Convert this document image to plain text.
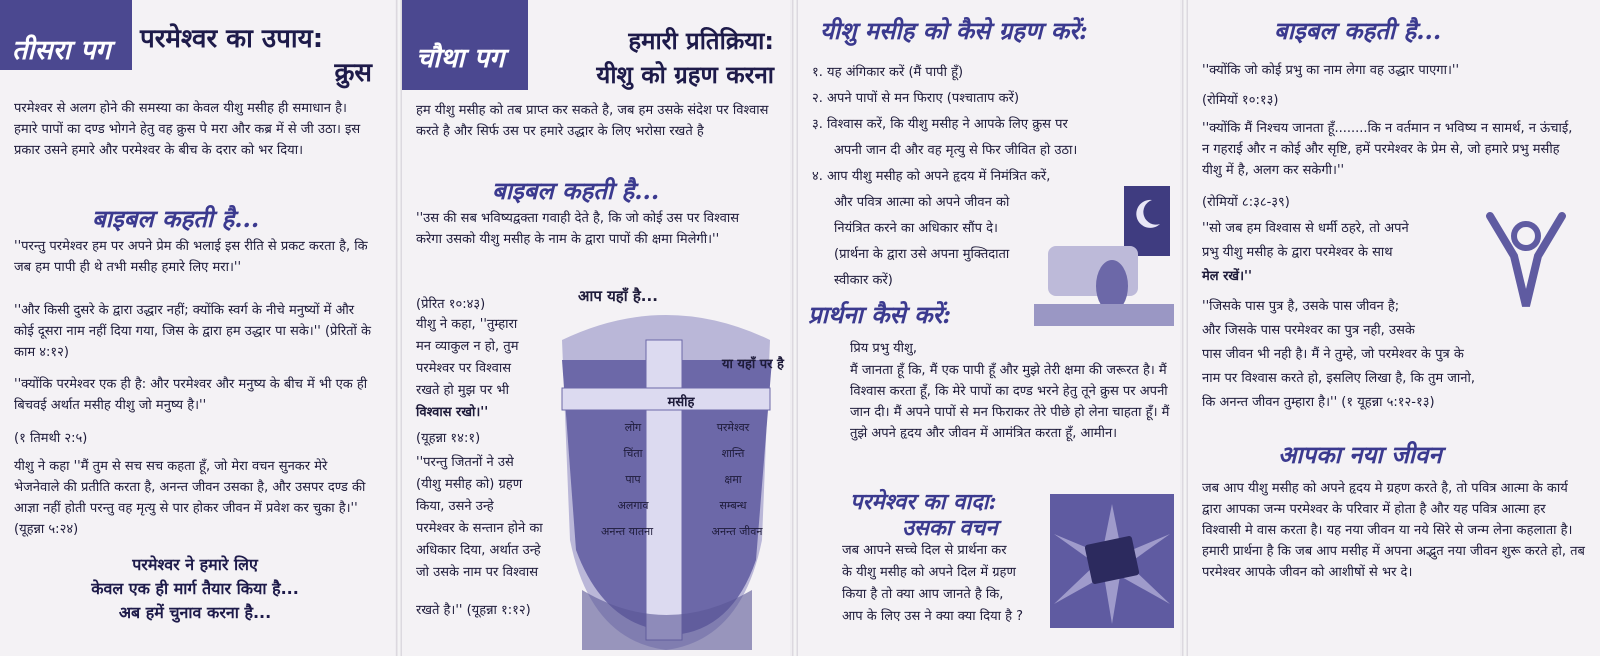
तीसरा पग परमेश्वर का उपाय:
क्रुस
परमेश्वर से अलग होने की समस्या का केवल यीशु मसीह ही समाधान है। हमारे पापों का दण्ड भोगने हेतु वह क्रुस पे मरा और कब्र में से जी उठा। इस प्रकार उसने हमारे और परमेश्वर के बीच के दरार को भर दिया।
बाइबल कहती है...
''परन्तु परमेश्वर हम पर अपने प्रेम की भलाई इस रीति से प्रकट करता है, कि जब हम पापी ही थे तभी मसीह हमारे लिए मरा।''
''और किसी दुसरे के द्वारा उद्धार नहीं; क्योंकि स्वर्ग के नीचे मनुष्यों में और कोई दूसरा नाम नहीं दिया गया, जिस के द्वारा हम उद्धार पा सके।'' (प्रेरितों के काम ४:१२)
''क्योंकि परमेश्वर एक ही है: और परमेश्वर और मनुष्य के बीच में भी एक ही बिचवई अर्थात मसीह यीशु जो मनुष्य है।''
(१ तिमथी २:५)
यीशु ने कहा ''मैं तुम से सच सच कहता हूँ, जो मेरा वचन सुनकर मेरे भेजनेवाले की प्रतीति करता है, अनन्त जीवन उसका है, और उसपर दण्ड की आज्ञा नहीं होती परन्तु वह मृत्यु से पार होकर जीवन में प्रवेश कर चुका है।'' (यूहन्ना ५:२४)
परमेश्वर ने हमारे लिए
केवल एक ही मार्ग तैयार किया है...
अब हमें चुनाव करना है...
चौथा पग
हमारी प्रतिक्रिया:
यीशु को ग्रहण करना
हम यीशु मसीह को तब प्राप्त कर सकते है, जब हम उसके संदेश पर विश्वास करते है और सिर्फ उस पर हमारे उद्धार के लिए भरोसा रखते है
बाइबल कहती है...
''उस की सब भविष्यद्वक्ता गवाही देते है, कि जो कोई उस पर विश्वास करेगा उसको यीशु मसीह के नाम के द्वारा पापों की क्षमा मिलेगी।''
(प्रेरित १०:४३)
यीशु ने कहा, ''तुम्हारा
मन व्याकुल न हो, तुम
परमेश्वर पर विश्वास
रखते हो मुझ पर भी
विश्वास रखो।''
(यूहन्ना १४:१)
''परन्तु जितनों ने उसे
(यीशु मसीह को) ग्रहण
किया, उसने उन्हे
परमेश्वर के सन्तान होने का
अधिकार दिया, अर्थात उन्हे
जो उसके नाम पर विश्वास
रखते है।'' (यूहन्ना १:१२)
आप यहाँ है...
या यहाँ पर है
मसीह
लोग
चिंता
पाप
अलगाव
अनन्त यातना
परमेश्वर
शान्ति
क्षमा
सम्बन्ध
अनन्त जीवन
यीशु मसीह को कैसे ग्रहण करें:
१. यह अंगिकार करें (मैं पापी हूँ)
२. अपने पापों से मन फिराए (पश्चाताप करें)
३. विश्वास करें, कि यीशु मसीह ने आपके लिए क्रुस पर
अपनी जान दी और वह मृत्यु से फिर जीवित हो उठा।
४. आप यीशु मसीह को अपने हृदय में निमंत्रित करें,
और पवित्र आत्मा को अपने जीवन को
नियंत्रित करने का अधिकार सौंप दे।
(प्रार्थना के द्वारा उसे अपना मुक्तिदाता
स्वीकार करें)
प्रार्थना कैसे करें:
प्रिय प्रभु यीशु,
मैं जानता हूँ कि, मैं एक पापी हूँ और मुझे तेरी क्षमा की जरूरत है। मैं विश्वास करता हूँ, कि मेरे पापों का दण्ड भरने हेतु तूने क्रुस पर अपनी जान दी। मैं अपने पापों से मन फिराकर तेरे पीछे हो लेना चाहता हूँ। मैं तुझे अपने हृदय और जीवन में आमंत्रित करता हूँ, आमीन।
परमेश्वर का वादा:
उसका वचन
जब आपने सच्चे दिल से प्रार्थना कर
के यीशु मसीह को अपने दिल में ग्रहण
किया है तो क्या आप जानते है कि,
आप के लिए उस ने क्या क्या दिया है ?
बाइबल कहती है...
''क्योंकि जो कोई प्रभु का नाम लेगा वह उद्धार पाएगा।''
(रोमियों १०:१३)
''क्योंकि मैं निश्चय जानता हूँ........कि न वर्तमान न भविष्य न सामर्थ, न ऊंचाई, न गहराई और न कोई और सृष्टि, हमें परमेश्वर के प्रेम से, जो हमारे प्रभु मसीह यीशु में है, अलग कर सकेगी।''
(रोमियों ८:३८-३९)
''सो जब हम विश्वास से धर्मी ठहरे, तो अपने
प्रभु यीशु मसीह के द्वारा परमेश्वर के साथ
मेल रखें।''
''जिसके पास पुत्र है, उसके पास जीवन है;
और जिसके पास परमेश्वर का पुत्र नही, उसके
पास जीवन भी नही है। मैं ने तुम्हे, जो परमेश्वर के पुत्र के
नाम पर विश्वास करते हो, इसलिए लिखा है, कि तुम जानो,
कि अनन्त जीवन तुम्हारा है।'' (१ यूहन्ना ५:१२-१३)
आपका नया जीवन
जब आप यीशु मसीह को अपने हृदय मे ग्रहण करते है, तो पवित्र आत्मा के कार्य द्वारा आपका जन्म परमेश्वर के परिवार में होता है और यह पवित्र आत्मा हर विश्वासी मे वास करता है। यह नया जीवन या नये सिरे से जन्म लेना कहलाता है। हमारी प्रार्थना है कि जब आप मसीह में अपना अद्भुत नया जीवन शुरू करते हो, तब परमेश्वर आपके जीवन को आशीषों से भर दे।
